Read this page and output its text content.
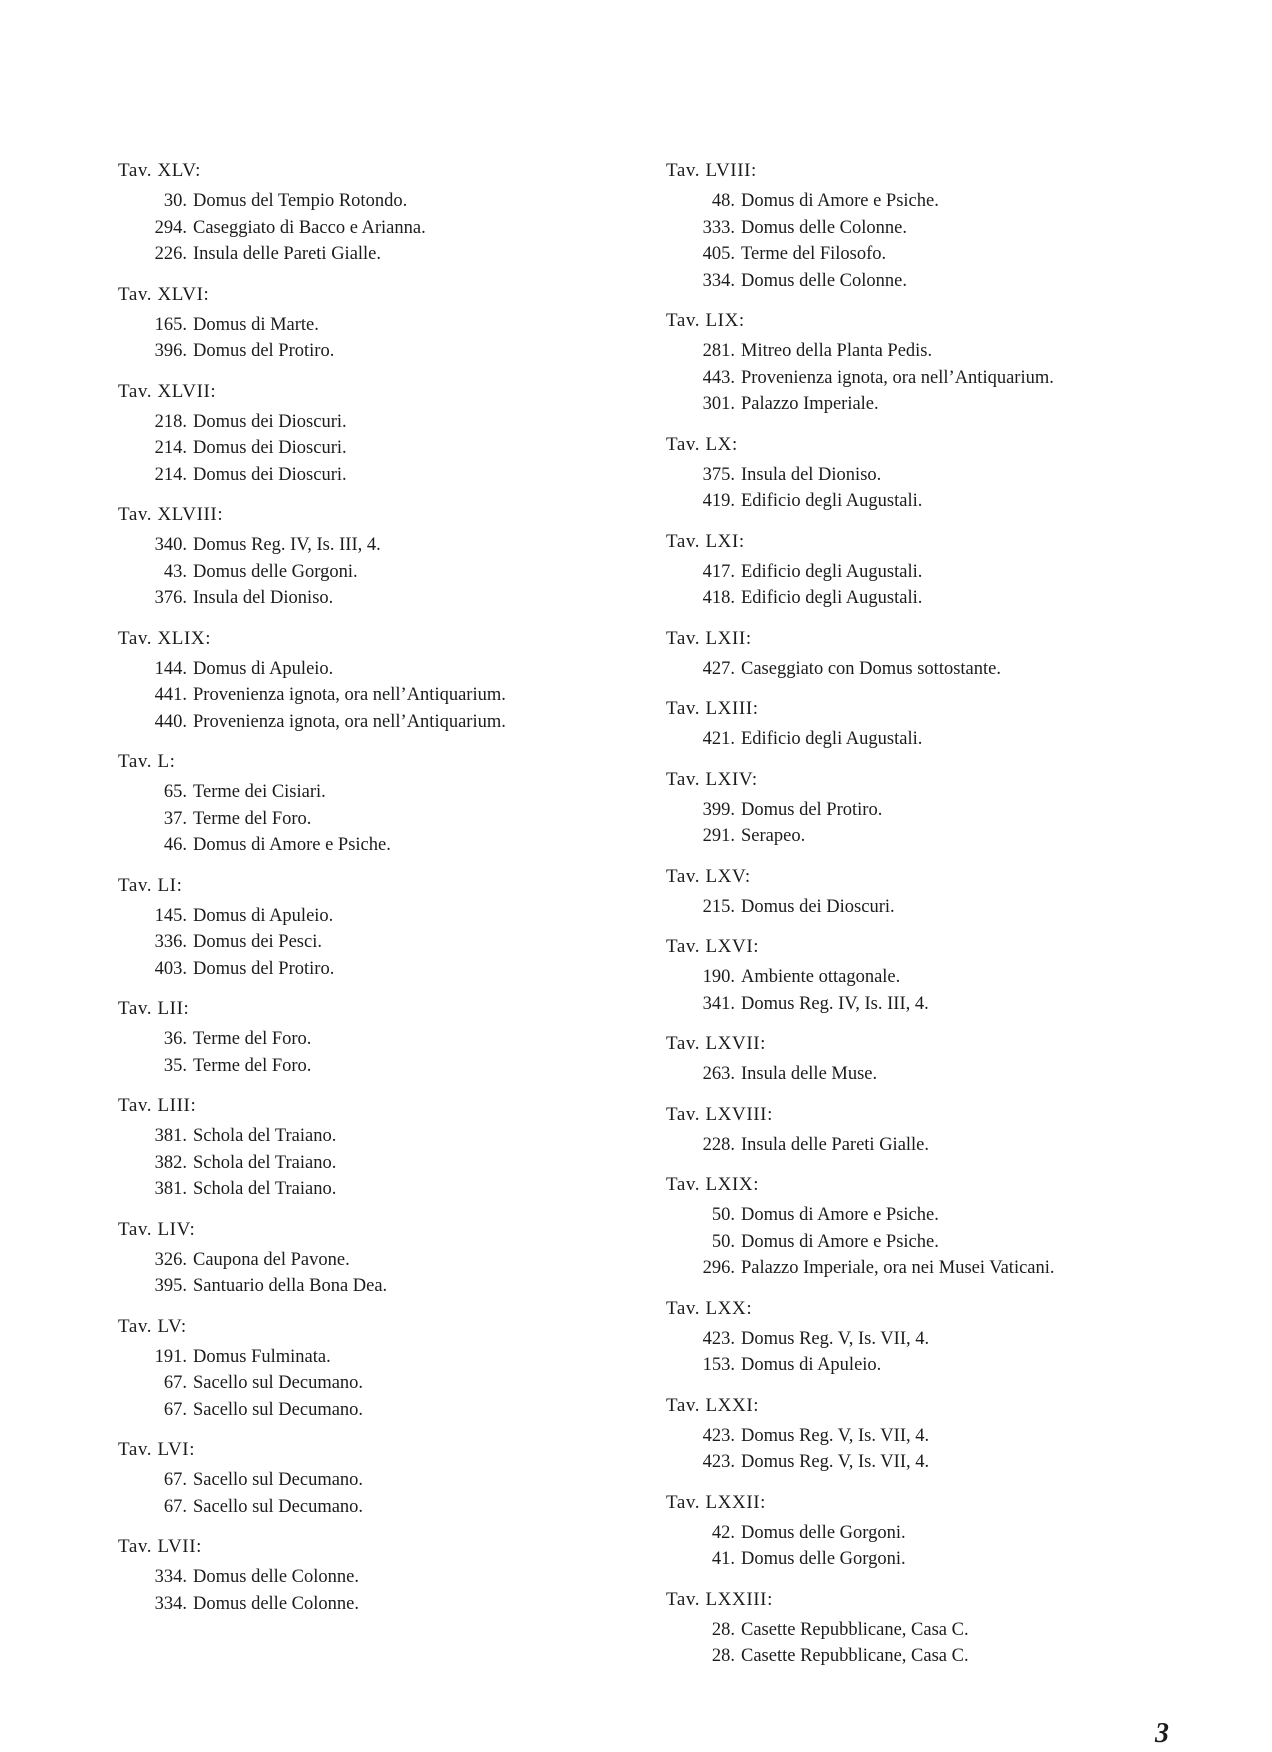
Tav. XLV:
30. Domus del Tempio Rotondo.
294. Caseggiato di Bacco e Arianna.
226. Insula delle Pareti Gialle.
Tav. XLVI:
165. Domus di Marte.
396. Domus del Protiro.
Tav. XLVII:
218. Domus dei Dioscuri.
214. Domus dei Dioscuri.
214. Domus dei Dioscuri.
Tav. XLVIII:
340. Domus Reg. IV, Is. III, 4.
43. Domus delle Gorgoni.
376. Insula del Dioniso.
Tav. XLIX:
144. Domus di Apuleio.
441. Provenienza ignota, ora nell’Antiquarium.
440. Provenienza ignota, ora nell’Antiquarium.
Tav. L:
65. Terme dei Cisiari.
37. Terme del Foro.
46. Domus di Amore e Psiche.
Tav. LI:
145. Domus di Apuleio.
336. Domus dei Pesci.
403. Domus del Protiro.
Tav. LII:
36. Terme del Foro.
35. Terme del Foro.
Tav. LIII:
381. Schola del Traiano.
382. Schola del Traiano.
381. Schola del Traiano.
Tav. LIV:
326. Caupona del Pavone.
395. Santuario della Bona Dea.
Tav. LV:
191. Domus Fulminata.
67. Sacello sul Decumano.
67. Sacello sul Decumano.
Tav. LVI:
67. Sacello sul Decumano.
67. Sacello sul Decumano.
Tav. LVII:
334. Domus delle Colonne.
334. Domus delle Colonne.
Tav. LVIII:
48. Domus di Amore e Psiche.
333. Domus delle Colonne.
405. Terme del Filosofo.
334. Domus delle Colonne.
Tav. LIX:
281. Mitreo della Planta Pedis.
443. Provenienza ignota, ora nell’Antiquarium.
301. Palazzo Imperiale.
Tav. LX:
375. Insula del Dioniso.
419. Edificio degli Augustali.
Tav. LXI:
417. Edificio degli Augustali.
418. Edificio degli Augustali.
Tav. LXII:
427. Caseggiato con Domus sottostante.
Tav. LXIII:
421. Edificio degli Augustali.
Tav. LXIV:
399. Domus del Protiro.
291. Serapeo.
Tav. LXV:
215. Domus dei Dioscuri.
Tav. LXVI:
190. Ambiente ottagonale.
341. Domus Reg. IV, Is. III, 4.
Tav. LXVII:
263. Insula delle Muse.
Tav. LXVIII:
228. Insula delle Pareti Gialle.
Tav. LXIX:
50. Domus di Amore e Psiche.
50. Domus di Amore e Psiche.
296. Palazzo Imperiale, ora nei Musei Vaticani.
Tav. LXX:
423. Domus Reg. V, Is. VII, 4.
153. Domus di Apuleio.
Tav. LXXI:
423. Domus Reg. V, Is. VII, 4.
423. Domus Reg. V, Is. VII, 4.
Tav. LXXII:
42. Domus delle Gorgoni.
41. Domus delle Gorgoni.
Tav. LXXIII:
28. Casette Repubblicane, Casa C.
28. Casette Repubblicane, Casa C.
3
